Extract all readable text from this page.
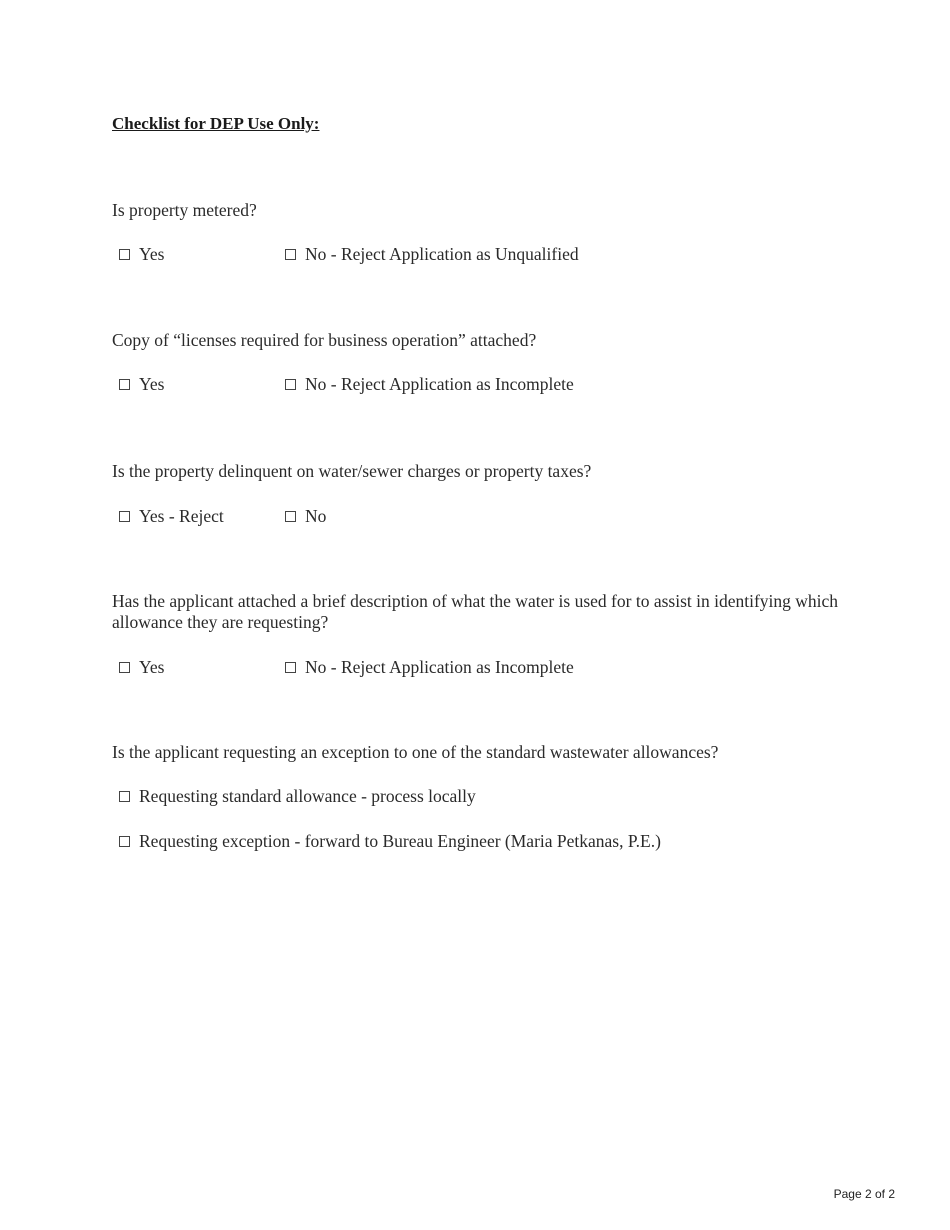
Checklist for DEP Use Only:
Is property metered?
Yes	No - Reject Application as Unqualified
Copy of “licenses required for business operation” attached?
Yes	No - Reject Application as Incomplete
Is the property delinquent on water/sewer charges or property taxes?
Yes - Reject	No
Has the applicant attached a brief description of what the water is used for to assist in identifying which allowance they are requesting?
Yes	No - Reject Application as Incomplete
Is the applicant requesting an exception to one of the standard wastewater allowances?
Requesting standard allowance - process locally
Requesting exception - forward to Bureau Engineer (Maria Petkanas, P.E.)
Page 2 of 2
